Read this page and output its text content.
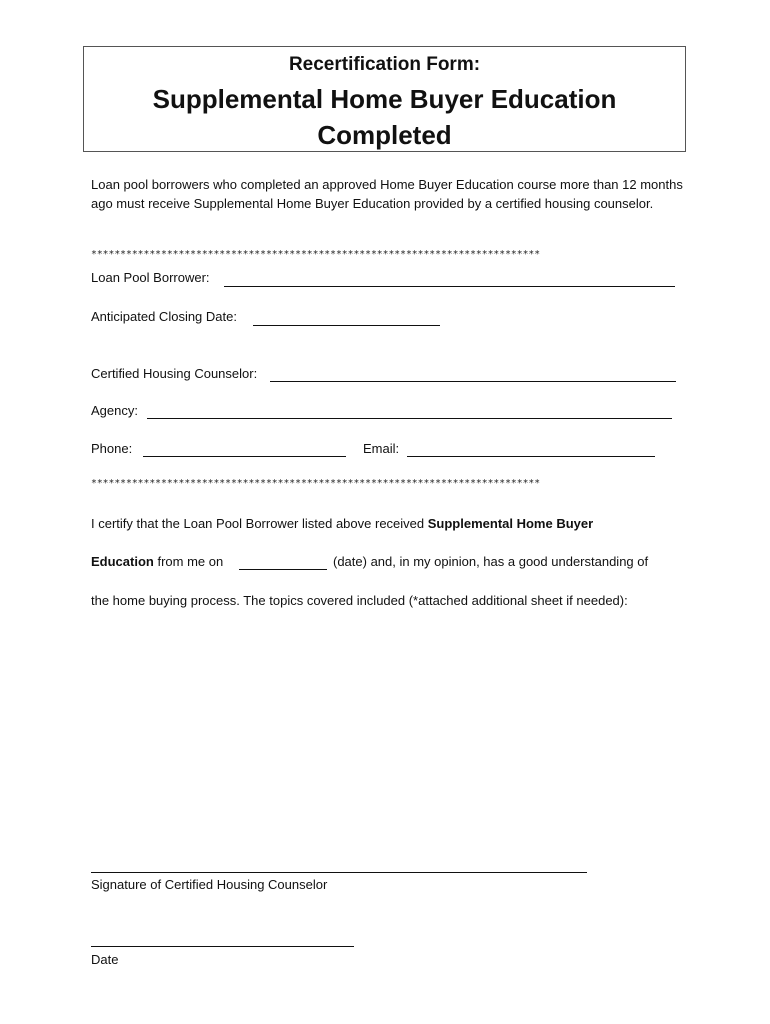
Recertification Form:
Supplemental Home Buyer Education
Completed
Loan pool borrowers who completed an approved Home Buyer Education course more than 12 months ago must receive Supplemental Home Buyer Education provided by a certified housing counselor.
*****************************************************************************
Loan Pool Borrower:
Anticipated Closing Date:
Certified Housing Counselor:
Agency:
Phone:	Email:
*****************************************************************************
I certify that the Loan Pool Borrower listed above received Supplemental Home Buyer
Education from me on	(date) and, in my opinion, has a good understanding of
the home buying process. The topics covered included (*attached additional sheet if needed):
Signature of Certified Housing Counselor
Date
